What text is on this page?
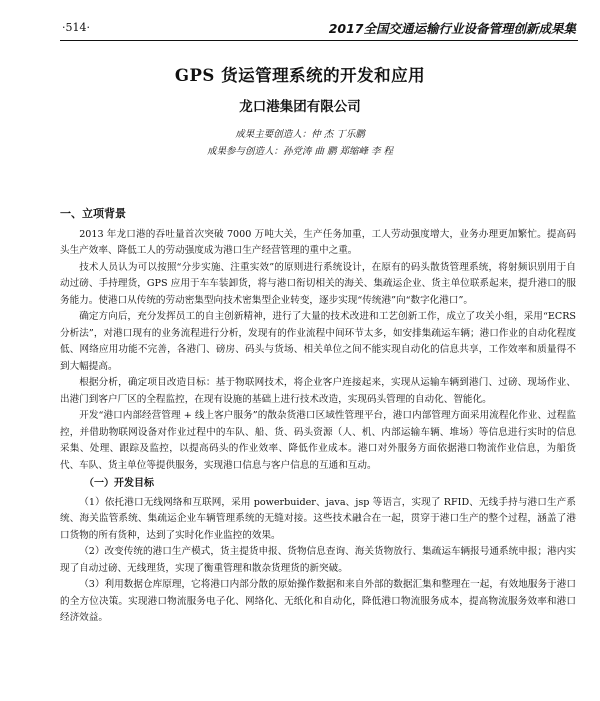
·514·	2017全国交通运输行业设备管理创新成果集
GPS 货运管理系统的开发和应用
龙口港集团有限公司
成果主要创造人：仲 杰 丁乐鹏
成果参与创造人：孙党涛 曲 鹏 郑缩峰 李 程
一、立项背景

2013 年龙口港的吞吐量首次突破 7000 万吨大关，生产任务加重，工人劳动强度增大，业务办理更加繁忙。提高码头生产效率、降低工人的劳动强度成为港口生产经营管理的重中之重。

技术人员认为可以按照“分步实施、注重实效”的原则进行系统设计，在原有的码头散货管理系统，将射频识别用于自动过磅、手持理货，GPS 应用于车车装卸货，将与港口衔切相关的海关、集疏运企业、货主单位联系起来，提升港口的服务能力。使港口从传统的劳动密集型向技术密集型企业转变，逐步实现“传统港”向“数字化港口”。

确定方向后，充分发挥员工的自主创新精神，进行了大量的技术改进和工艺创新工作，成立了攻关小组，采用“ECRS 分析法”，对港口现有的业务流程进行分析，发现有的作业流程中间环节太多，如安排集疏运车辆；港口作业的自动化程度低、网络应用功能不完善，各港门、磅房、码头与货场、相关单位之间不能实现自动化的信息共享，工作效率和质量得不到大幅提高。

根据分析，确定项目改造目标：基于物联网技术，将企业客户连接起来，实现从运输车辆到港门、过磅、现场作业、出港门到客户厂区的全程监控，在现有设施的基础上进行技术改造，实现码头管理的自动化、智能化。

开发“港口内部经营管理 + 线上客户服务”的散杂货港口区域性管理平台，港口内部管理方面采用流程化作业、过程监控，并借助物联网设备对作业过程中的车队、船、货、码头资源（人、机、内部运输车辆、堆场）等信息进行实时的信息采集、处理、跟踪及监控，以提高码头的作业效率、降低作业成本。港口对外服务方面依据港口物流作业信息，为船货代、车队、货主单位等提供服务，实现港口信息与客户信息的互通和互动。

（一）开发目标

（1）依托港口无线网络和互联网，采用 powerbuider、java、jsp 等语言，实现了 RFID、无线手持与港口生产系统、海关监管系统、集疏运企业车辆管理系统的无缝对接。这些技术融合在一起，贯穿于港口生产的整个过程，涵盖了港口货物的所有货种，达到了实时化作业监控的效果。

（2）改变传统的港口生产模式，货主提货申报、货物信息查询、海关货物放行、集疏运车辆报号通系统申报；港内实现了自动过磅、无线理货，实现了衡重管理和散杂货理货的新突破。

（3）利用数据仓库原理，它将港口内部分散的原始操作数据和来自外部的数据汇集和整理在一起，有效地服务于港口的全方位决策。实现港口物流服务电子化、网络化、无纸化和自动化，降低港口物流服务成本，提高物流服务效率和港口经济效益。
